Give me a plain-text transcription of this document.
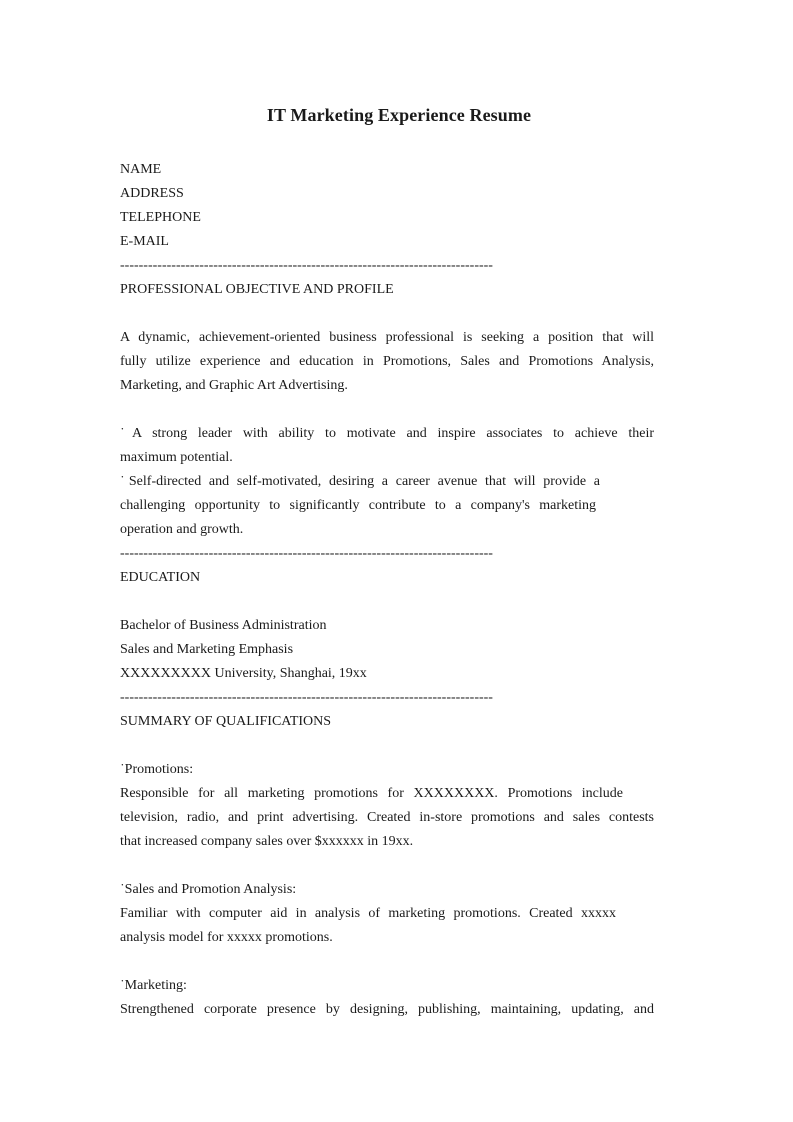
IT Marketing Experience Resume
NAME
ADDRESS
TELEPHONE
E-MAIL
--------------------------------------------------------------------------------
PROFESSIONAL OBJECTIVE AND PROFILE
A dynamic, achievement-oriented business professional is seeking a position that will
fully utilize experience and education in Promotions, Sales and Promotions Analysis,
Marketing, and Graphic Art Advertising.
˙A strong leader with ability to motivate and inspire associates to achieve their
maximum potential.
˙Self-directed and self-motivated, desiring a career avenue that will provide a
challenging opportunity to significantly contribute to a company's marketing
operation and growth.
--------------------------------------------------------------------------------
EDUCATION
Bachelor of Business Administration
Sales and Marketing Emphasis
XXXXXXXXX University, Shanghai, 19xx
--------------------------------------------------------------------------------
SUMMARY OF QUALIFICATIONS
˙Promotions:
Responsible for all marketing promotions for XXXXXXXX. Promotions include
television, radio, and print advertising. Created in-store promotions and sales contests
that increased company sales over $xxxxxx in 19xx.
˙Sales and Promotion Analysis:
Familiar with computer aid in analysis of marketing promotions. Created xxxxx
analysis model for xxxxx promotions.
˙Marketing:
Strengthened corporate presence by designing, publishing, maintaining, updating, and
